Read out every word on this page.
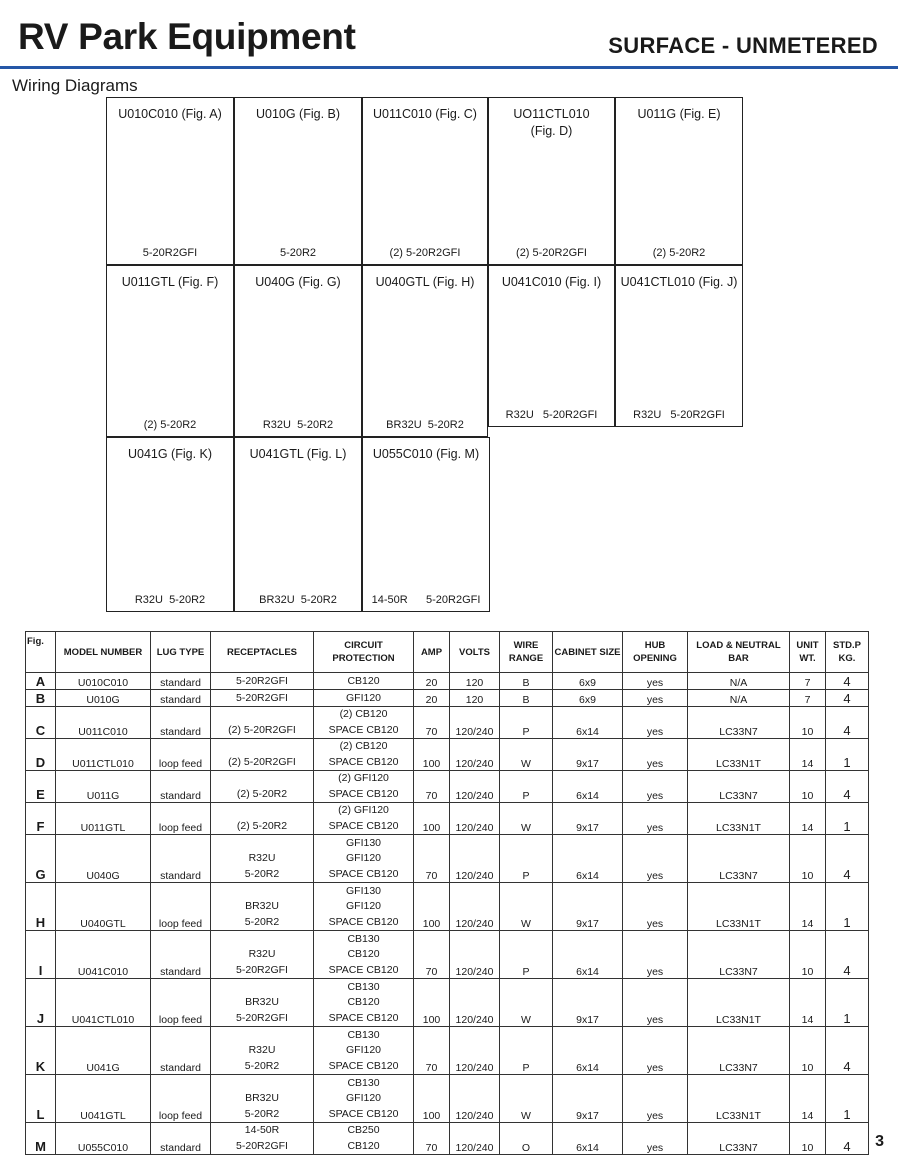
RV Park Equipment	SURFACE - UNMETERED
Wiring Diagrams
U010C010 (Fig. A)
5-20R2GFI
U010G (Fig. B)
5-20R2
U011C010 (Fig. C)
(2) 5-20R2GFI
UO11CTL010 (Fig. D)
(2) 5-20R2GFI
U011G (Fig. E)
(2) 5-20R2
U011GTL (Fig. F)
(2) 5-20R2
U040G (Fig. G)
R32U  5-20R2
U040GTL (Fig. H)
BR32U  5-20R2
U041C010 (Fig. I)
R32U   5-20R2GFI
U041CTL010 (Fig. J)
R32U   5-20R2GFI
U041G (Fig. K)
R32U  5-20R2
U041GTL (Fig. L)
BR32U  5-20R2
U055C010 (Fig. M)
14-50R      5-20R2GFI
Fig.	MODEL NUMBER	LUG TYPE	RECEPTACLES	CIRCUIT PROTECTION	AMP	VOLTS	WIRE RANGE	CABINET SIZE	HUB OPENING	LOAD & NEUTRAL BAR	UNIT WT.	STD.P KG.
A	U010C010	standard	5-20R2GFI	CB120	20	120	B	6x9	yes	N/A	7	4
B	U010G	standard	5-20R2GFI	GFI120	20	120	B	6x9	yes	N/A	7	4
C	U011C010	standard	(2) 5-20R2GFI	(2) CB120
SPACE CB120	70	120/240	P	6x14	yes	LC33N7	10	4
D	U011CTL010	loop feed	(2) 5-20R2GFI	(2) CB120
SPACE CB120	100	120/240	W	9x17	yes	LC33N1T	14	1
E	U011G	standard	(2) 5-20R2	(2) GFI120
SPACE CB120	70	120/240	P	6x14	yes	LC33N7	10	4
F	U011GTL	loop feed	(2) 5-20R2	(2) GFI120
SPACE CB120	100	120/240	W	9x17	yes	LC33N1T	14	1
G	U040G	standard	R32U
5-20R2	GFI130
GFI120
SPACE CB120	70	120/240	P	6x14	yes	LC33N7	10	4
H	U040GTL	loop feed	BR32U
5-20R2	GFI130
GFI120
SPACE CB120	100	120/240	W	9x17	yes	LC33N1T	14	1
I	U041C010	standard	R32U
5-20R2GFI	CB130
CB120
SPACE CB120	70	120/240	P	6x14	yes	LC33N7	10	4
J	U041CTL010	loop feed	BR32U
5-20R2GFI	CB130
CB120
SPACE CB120	100	120/240	W	9x17	yes	LC33N1T	14	1
K	U041G	standard	R32U
5-20R2	CB130
GFI120
SPACE CB120	70	120/240	P	6x14	yes	LC33N7	10	4
L	U041GTL	loop feed	BR32U
5-20R2	CB130
GFI120
SPACE CB120	100	120/240	W	9x17	yes	LC33N1T	14	1
M	U055C010	standard	14-50R
5-20R2GFI	CB250
CB120	70	120/240	O	6x14	yes	LC33N7	10	4 3
